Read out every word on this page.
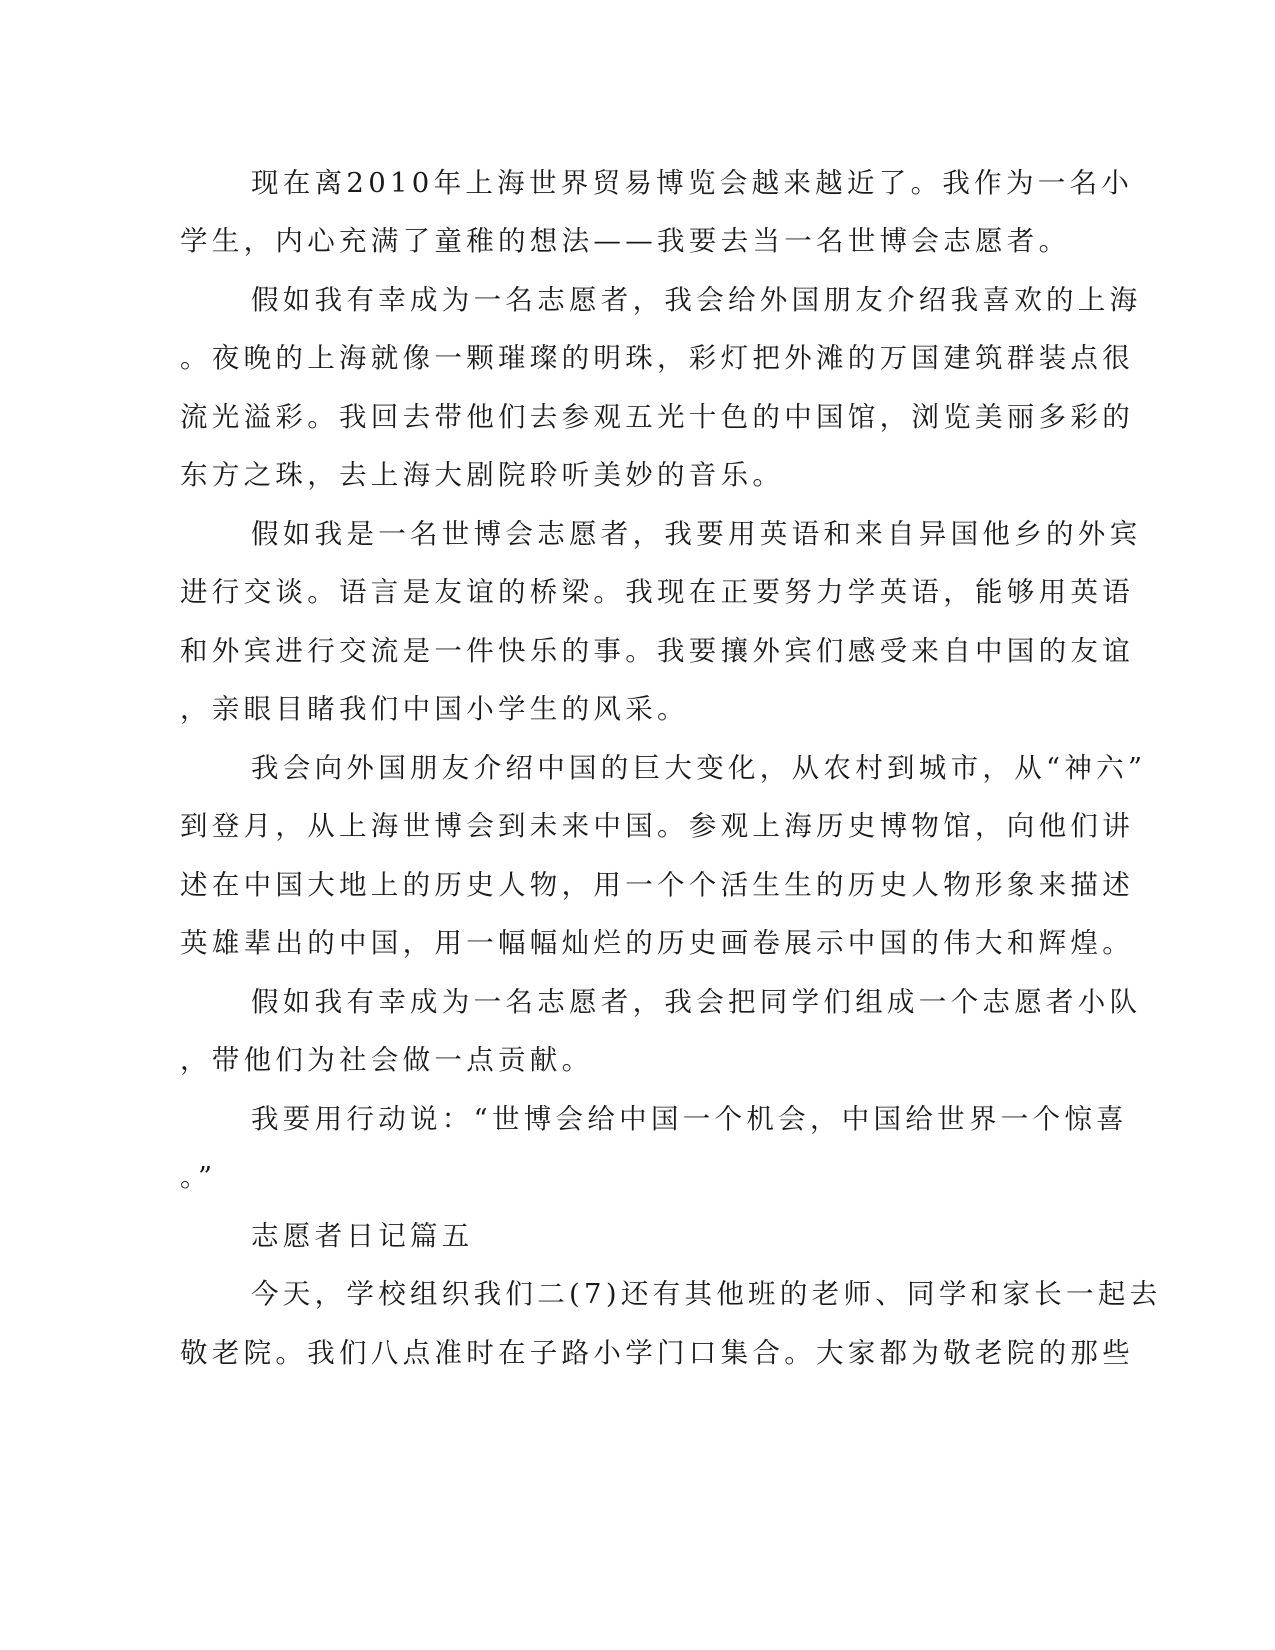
现在离2010年上海世界贸易博览会越来越近了。我作为一名小
学生，内心充满了童稚的想法——我要去当一名世博会志愿者。
假如我有幸成为一名志愿者，我会给外国朋友介绍我喜欢的上海
。夜晚的上海就像一颗璀璨的明珠，彩灯把外滩的万国建筑群装点很
流光溢彩。我回去带他们去参观五光十色的中国馆，浏览美丽多彩的
东方之珠，去上海大剧院聆听美妙的音乐。
假如我是一名世博会志愿者，我要用英语和来自异国他乡的外宾
进行交谈。语言是友谊的桥梁。我现在正要努力学英语，能够用英语
和外宾进行交流是一件快乐的事。我要攘外宾们感受来自中国的友谊
，亲眼目睹我们中国小学生的风采。
我会向外国朋友介绍中国的巨大变化，从农村到城市，从“神六”
到登月，从上海世博会到未来中国。参观上海历史博物馆，向他们讲
述在中国大地上的历史人物，用一个个活生生的历史人物形象来描述
英雄辈出的中国，用一幅幅灿烂的历史画卷展示中国的伟大和辉煌。
假如我有幸成为一名志愿者，我会把同学们组成一个志愿者小队
，带他们为社会做一点贡献。
我要用行动说：“世博会给中国一个机会，中国给世界一个惊喜
。”
志愿者日记篇五
今天，学校组织我们二(7)还有其他班的老师、同学和家长一起去
敬老院。我们八点准时在子路小学门口集合。大家都为敬老院的那些
